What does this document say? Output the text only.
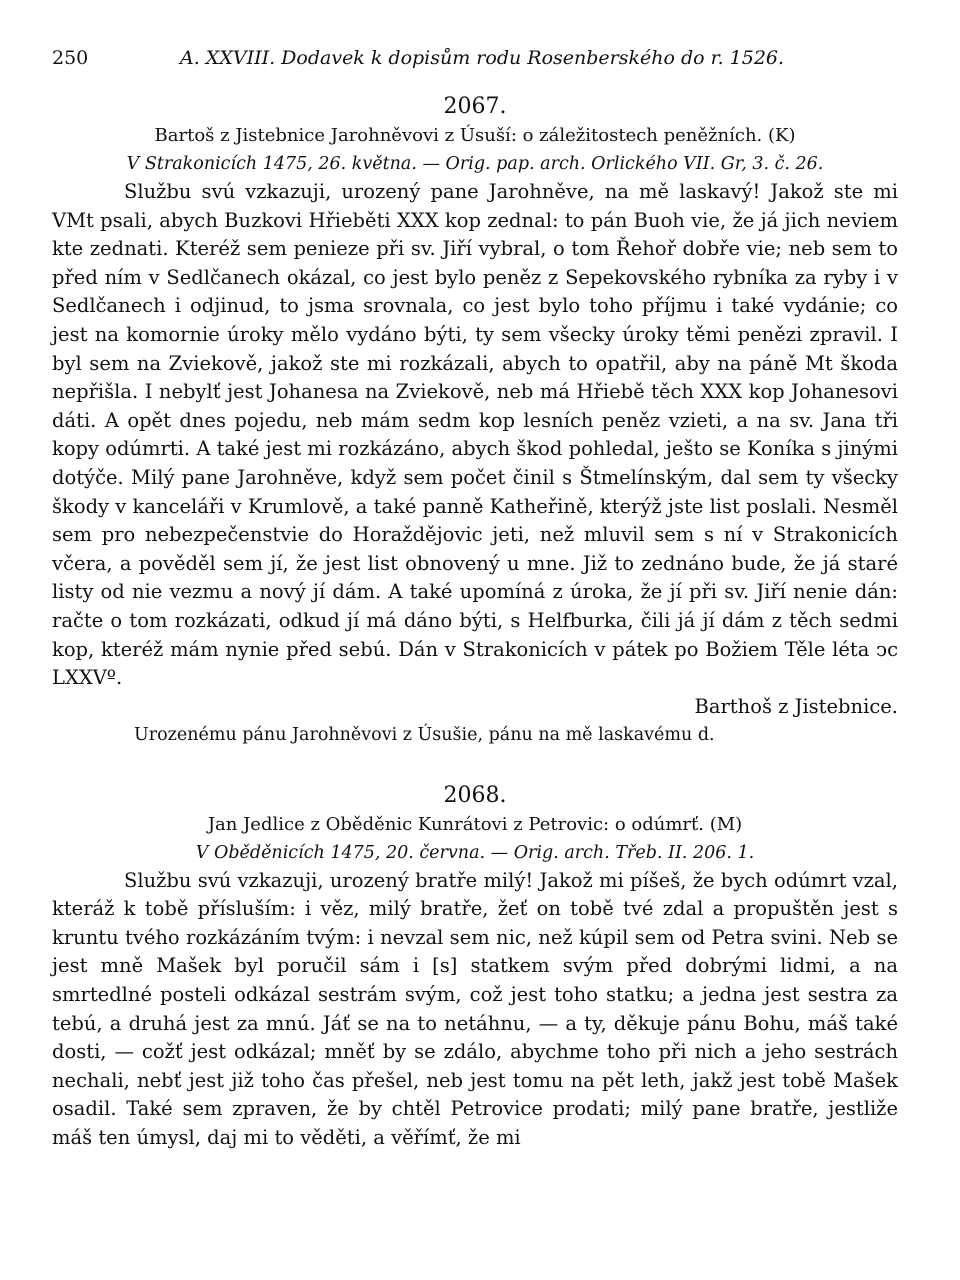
250	A. XXVIII. Dodavek k dopisům rodu Rosenberského do r. 1526.
2067.
Bartoš z Jistebnice Jarohněvovi z Úsuší: o záležitostech peněžních. (K)
V Strakonicích 1475, 26. května. — Orig. pap. arch. Orlického VII. Gr, 3. č. 26.

Službu svú vzkazuji, urozený pane Jarohněve, na mě laskavý! Jakož ste mi VMt psali, abych Buzkovi Hřieběti XXX kop zednal: to pán Buoh vie, že já jich neviem kte zednati. Kteréž sem penieze při sv. Jiří vybral, o tom Řehoř dobře vie; neb sem to před ním v Sedlčanech okázal, co jest bylo peněz z Sepekovského rybníka za ryby i v Sedlčanech i odjinud, to jsma srovnala, co jest bylo toho příjmu i také vydánie; co jest na komornie úroky mělo vydáno býti, ty sem všecky úroky těmi penězi zpravil. I byl sem na Zviekově, jakož ste mi rozkázali, abych to opatřil, aby na páně Mt škoda nepřišla. I nebylť jest Johanesa na Zviekově, neb má Hřiebě těch XXX kop Johanesovi dáti. A opět dnes pojedu, neb mám sedm kop lesních peněz vzieti, a na sv. Jana tři kopy odúmrti. A také jest mi rozkázáno, abych škod pohledal, ješto se Koníka s jinými dotýče. Milý pane Jarohněve, když sem počet činil s Štmelínským, dal sem ty všecky škody v kanceláři v Krumlově, a také panně Katheřině, kterýž jste list poslali. Nesměl sem pro nebezpečenstvie do Horaždějovic jeti, než mluvil sem s ní v Strakonicích včera, a pověděl sem jí, že jest list obnovený u mne. Již to zednáno bude, že já staré listy od nie vezmu a nový jí dám. A také upomíná z úroka, že jí při sv. Jiří nenie dán: račte o tom rozkázati, odkud jí má dáno býti, s Helfburka, čili já jí dám z těch sedmi kop, kteréž mám nynie před sebú. Dán v Strakonicích v pátek po Božiem Těle léta ↄc LXXVº.

Barthoš z Jistebnice.
Urozenému pánu Jarohněvovi z Úsušie, pánu na mě laskavému d.
2068.
Jan Jedlice z Oběděnic Kunrátovi z Petrovic: o odúmrť. (M)
V Oběděnicích 1475, 20. června. — Orig. arch. Třeb. II. 206. 1.

Službu svú vzkazuji, urozený bratře milý! Jakož mi píšeš, že bych odúmrt vzal, kteráž k tobě přísluším: i věz, milý bratře, žeť on tobě tvé zdal a propuštěn jest s kruntu tvého rozkázáním tvým: i nevzal sem nic, než kúpil sem od Petra svini. Neb se jest mně Mašek byl poručil sám i [s] statkem svým před dobrými lidmi, a na smrtedlné posteli odkázal sestrám svým, což jest toho statku; a jedna jest sestra za tebú, a druhá jest za mnú. Jáť se na to netáhnu, — a ty, děkuje pánu Bohu, máš také dosti, — cožť jest odkázal; mněť by se zdálo, abychme toho při nich a jeho sestrách nechali, nebť jest již toho čas přešel, neb jest tomu na pět leth, jakž jest tobě Mašek osadil. Také sem zpraven, že by chtěl Petrovice prodati; milý pane bratře, jestliže máš ten úmysl, daj mi to věděti, a věřímť, že mi
